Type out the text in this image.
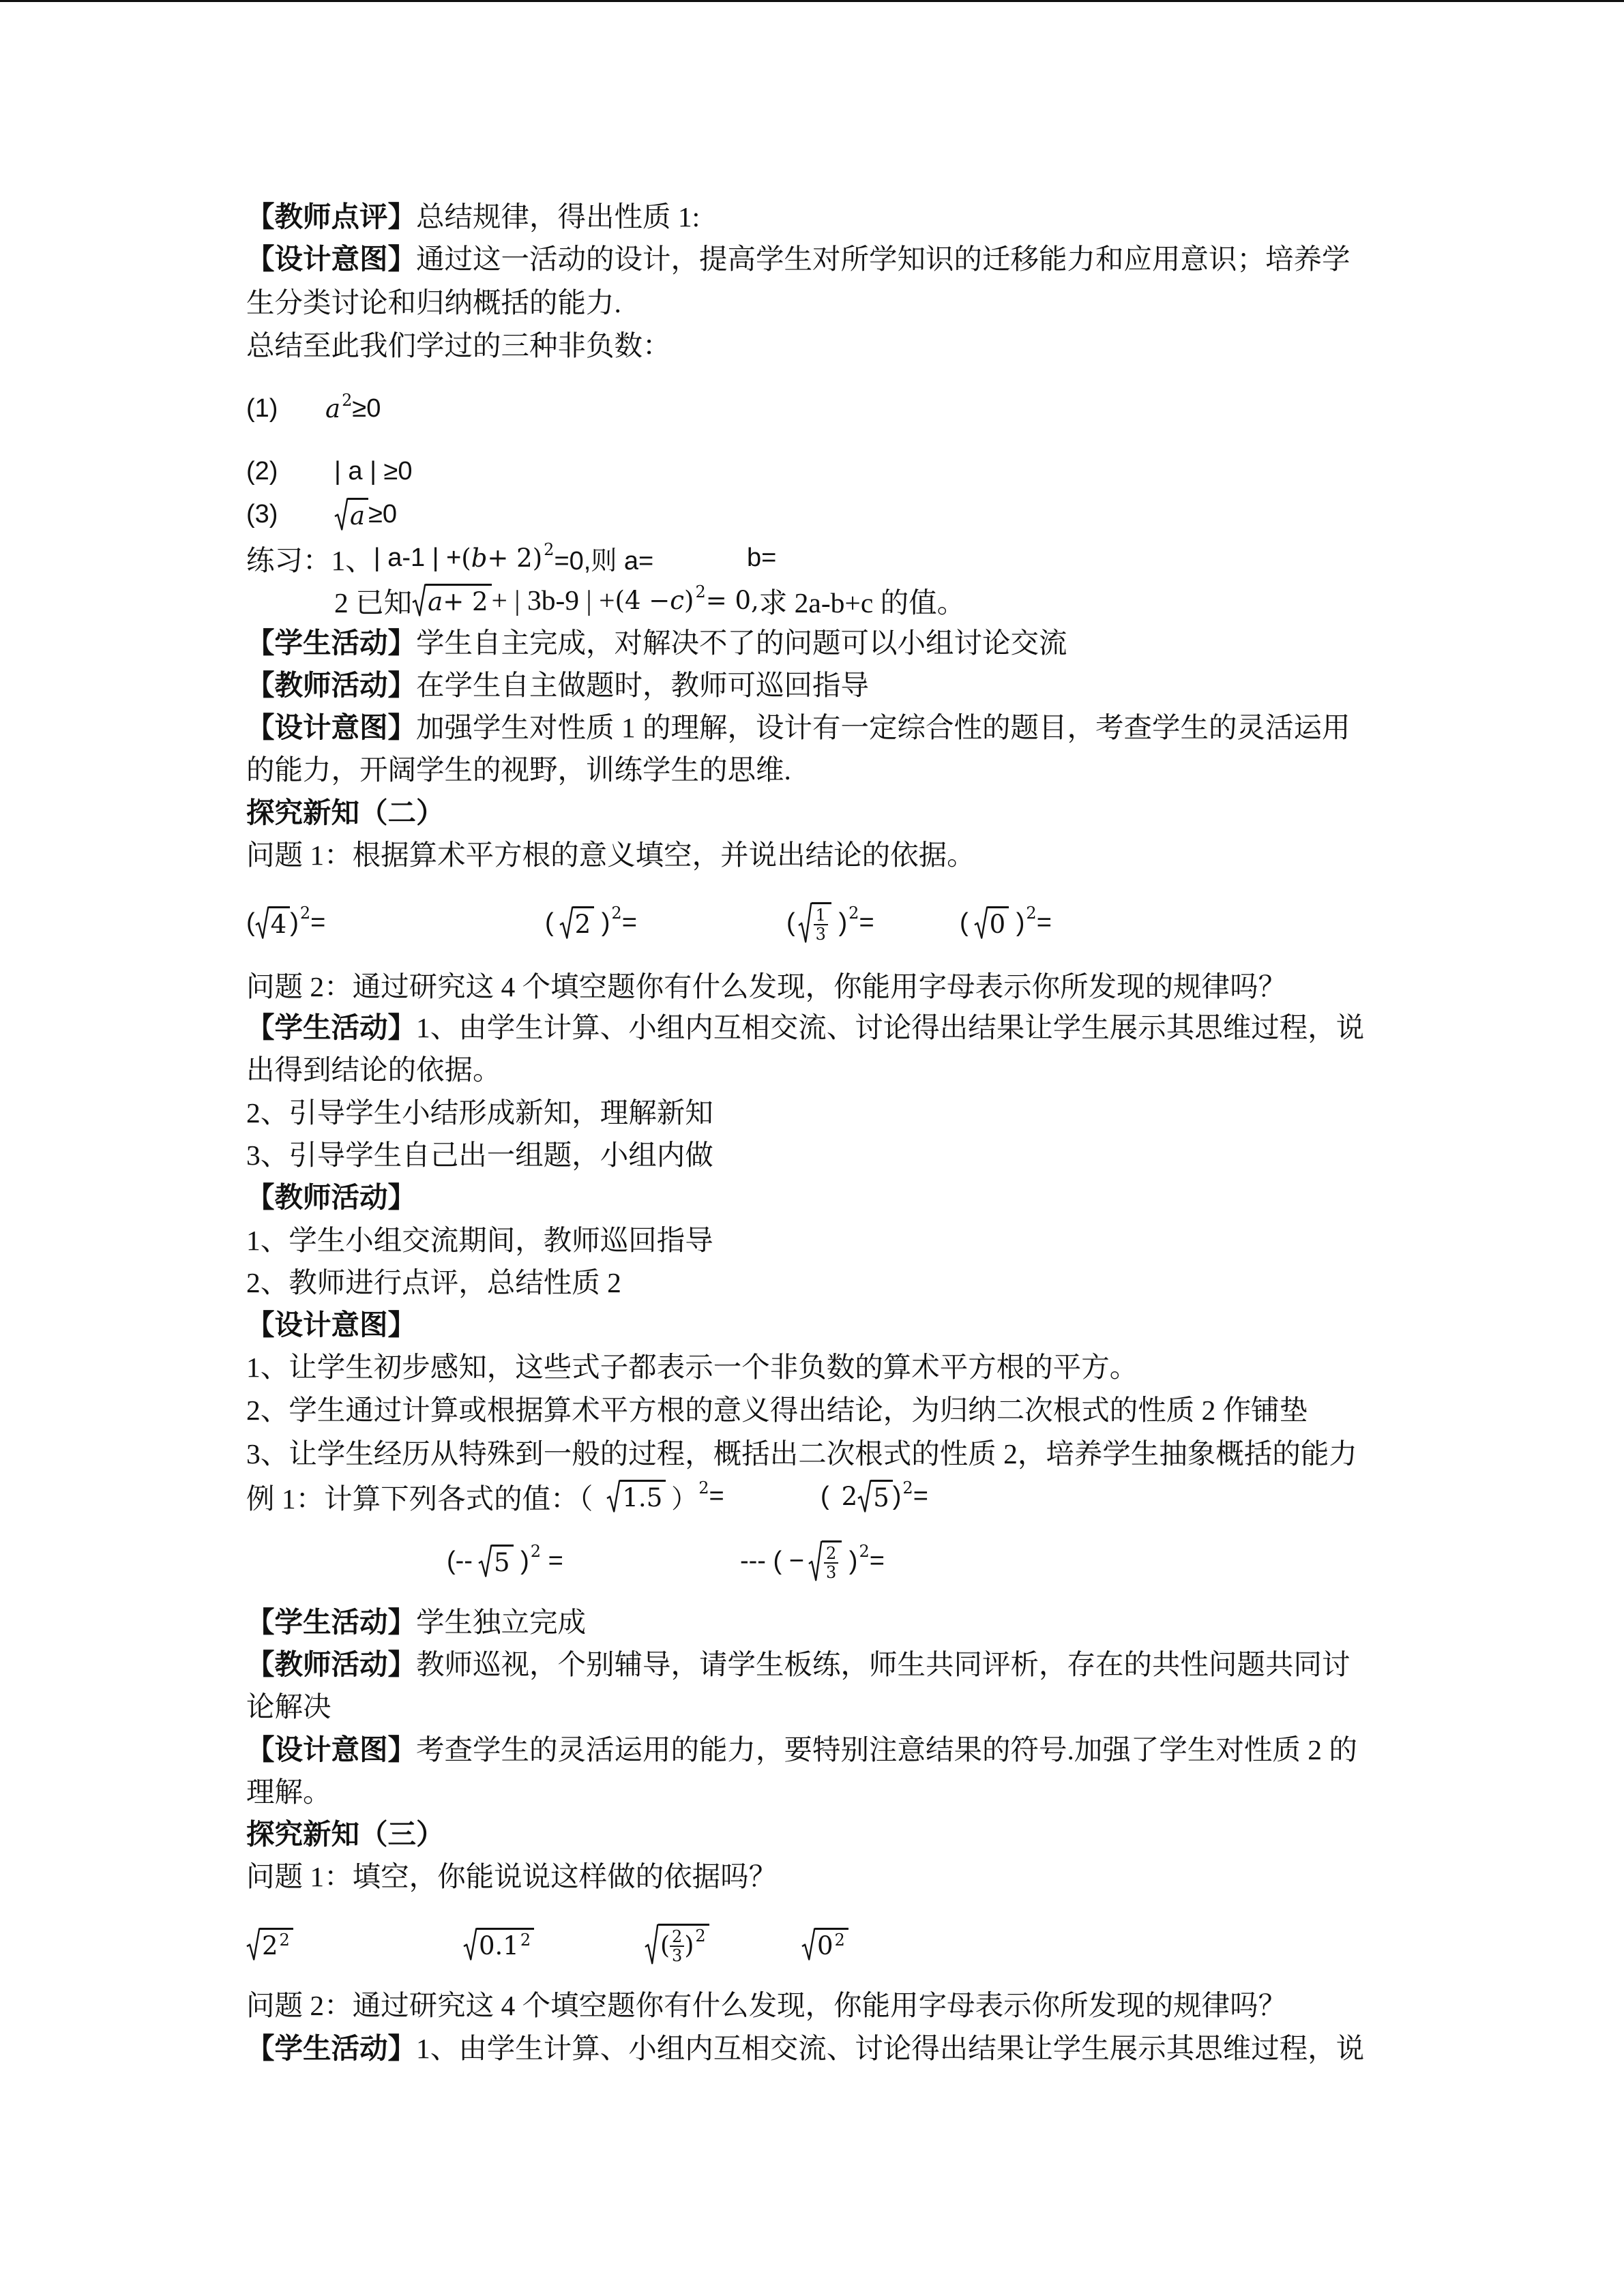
【教师点评】总结规律，得出性质 1:
【设计意图】通过这一活动的设计，提高学生对所学知识的迁移能力和应用意识；培养学
生分类讨论和归纳概括的能力.
总结至此我们学过的三种非负数：
(1) a 2 ≥0
(2) | a | ≥0
(3)	a ≥0
练习：1、 | a-1 | + ( b + 2) 2 =0,则 a=	b=
2 已知 a + 2 + | 3b-9 | + (4 − c ) 2 = 0, 求 2a-b+c 的值。
【学生活动】学生自主完成，对解决不了的问题可以小组讨论交流
【教师活动】在学生自主做题时，教师可巡回指导
【设计意图】加强学生对性质 1 的理解，设计有一定综合性的题目，考查学生的灵活运用
的能力，开阔学生的视野，训练学生的思维.
探究新知（二）
问题 1：根据算术平方根的意义填空，并说出结论的依据。
( 4 ) 2 =	( 2 ) 2 =	( $\frac{1}{3}$ ) 2 =	( 0 ) 2 =
问题 2：通过研究这 4 个填空题你有什么发现，你能用字母表示你所发现的规律吗？
【学生活动】1、由学生计算、小组内互相交流、讨论得出结果让学生展示其思维过程，说
出得到结论的依据。
2、引导学生小结形成新知，理解新知
3、引导学生自己出一组题，小组内做
【教师活动】
1、学生小组交流期间，教师巡回指导
2、教师进行点评，总结性质 2
【设计意图】
1、让学生初步感知，这些式子都表示一个非负数的算术平方根的平方。
2、学生通过计算或根据算术平方根的意义得出结论，为归纳二次根式的性质 2 作铺垫
3、让学生经历从特殊到一般的过程，概括出二次根式的性质 2，培养学生抽象概括的能力
例 1：计算下列各式的值：（ 1.5 ） 2 =	( 2 5 ) 2 =
(-- 5 ) 2 =	--- ( − $\frac{2}{3}$ ) 2 =
【学生活动】学生独立完成
【教师活动】教师巡视，个别辅导，请学生板练，师生共同评析，存在的共性问题共同讨
论解决
【设计意图】考查学生的灵活运用的能力，要特别注意结果的符号.加强了学生对性质 2 的
理解。
探究新知（三）
问题 1：填空，你能说说这样做的依据吗？
2 2	0.1 2	( $\frac{2}{3}$ ) 2	0 2
问题 2：通过研究这 4 个填空题你有什么发现，你能用字母表示你所发现的规律吗？
【学生活动】1、由学生计算、小组内互相交流、讨论得出结果让学生展示其思维过程，说
